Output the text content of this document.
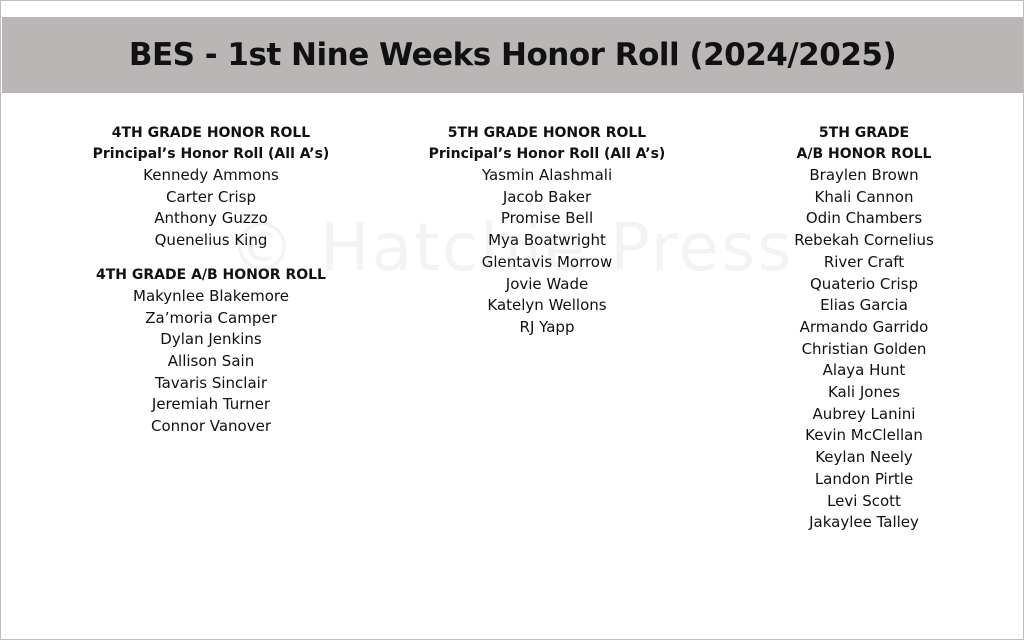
BES - 1st Nine Weeks Honor Roll (2024/2025)
4TH GRADE HONOR ROLL
Principal’s Honor Roll (All A’s)
Kennedy Ammons
Carter Crisp
Anthony Guzzo
Quenelius King
4TH GRADE A/B HONOR ROLL
Makynlee Blakemore
Za’moria Camper
Dylan Jenkins
Allison Sain
Tavaris Sinclair
Jeremiah Turner
Connor Vanover
5TH GRADE HONOR ROLL
Principal’s Honor Roll (All A’s)
Yasmin Alashmali
Jacob Baker
Promise Bell
Mya Boatwright
Glentavis Morrow
Jovie Wade
Katelyn Wellons
RJ Yapp
5TH GRADE
A/B HONOR ROLL
Braylen Brown
Khali Cannon
Odin Chambers
Rebekah Cornelius
River Craft
Quaterio Crisp
Elias Garcia
Armando Garrido
Christian Golden
Alaya Hunt
Kali Jones
Aubrey Lanini
Kevin McClellan
Keylan Neely
Landon Pirtle
Levi Scott
Jakaylee Talley
